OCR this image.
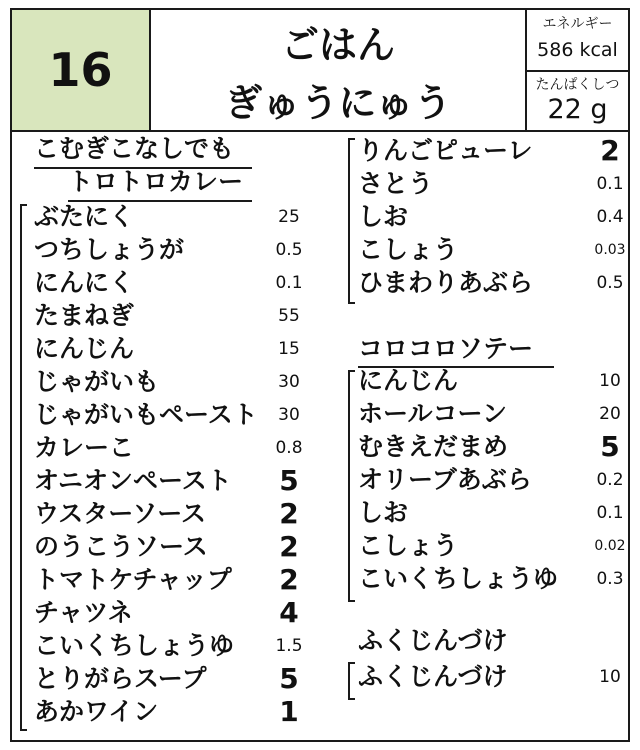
16	ごはん
ぎゅうにゅう
エネルギー
586 kcal
たんぱくしつ
22 g
こむぎこなしでも
トロトロカレー
ぶたにく	25
つちしょうが	0.5
にんにく	0.1
たまねぎ	55
にんじん	15
じゃがいも	30
じゃがいもペースト	30
カレーこ	0.8
オニオンペースト	5
ウスターソース	2
のうこうソース	2
トマトケチャップ	2
チャツネ	4
こいくちしょうゆ	1.5
とりがらスープ	5
あかワイン	1
りんごピューレ	2
さとう	0.1
しお	0.4
こしょう	0.03
ひまわりあぶら	0.5
コロコロソテー
にんじん	10
ホールコーン	20
むきえだまめ	5
オリーブあぶら	0.2
しお	0.1
こしょう	0.02
こいくちしょうゆ	0.3
ふくじんづけ
ふくじんづけ	10
